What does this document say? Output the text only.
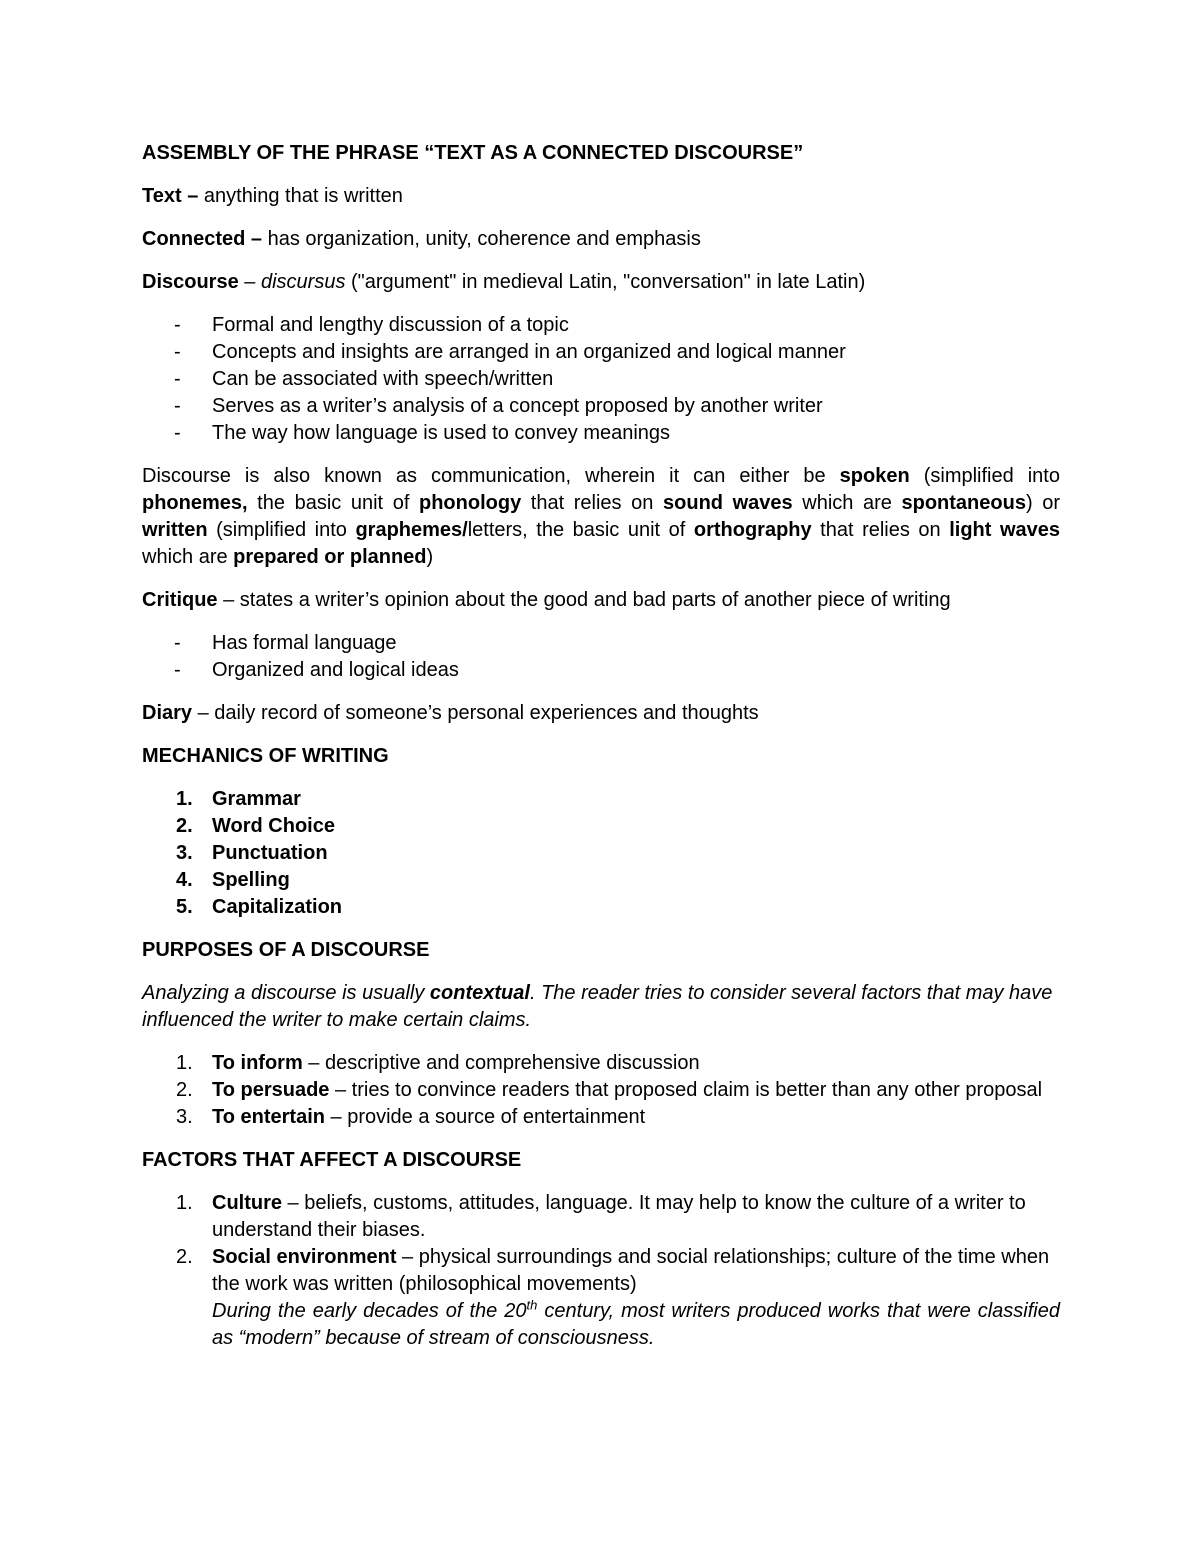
ASSEMBLY OF THE PHRASE “TEXT AS A CONNECTED DISCOURSE”
Text – anything that is written
Connected – has organization, unity, coherence and emphasis
Discourse – discursus ("argument" in medieval Latin, "conversation" in late Latin)
- Formal and lengthy discussion of a topic
- Concepts and insights are arranged in an organized and logical manner
- Can be associated with speech/written
- Serves as a writer’s analysis of a concept proposed by another writer
- The way how language is used to convey meanings
Discourse is also known as communication, wherein it can either be spoken (simplified into phonemes, the basic unit of phonology that relies on sound waves which are spontaneous) or written (simplified into graphemes/letters, the basic unit of orthography that relies on light waves which are prepared or planned)
Critique – states a writer’s opinion about the good and bad parts of another piece of writing
- Has formal language
- Organized and logical ideas
Diary – daily record of someone’s personal experiences and thoughts
MECHANICS OF WRITING
1. Grammar
2. Word Choice
3. Punctuation
4. Spelling
5. Capitalization
PURPOSES OF A DISCOURSE
Analyzing a discourse is usually contextual. The reader tries to consider several factors that may have influenced the writer to make certain claims.
1. To inform – descriptive and comprehensive discussion
2. To persuade – tries to convince readers that proposed claim is better than any other proposal
3. To entertain – provide a source of entertainment
FACTORS THAT AFFECT A DISCOURSE
1. Culture – beliefs, customs, attitudes, language. It may help to know the culture of a writer to understand their biases.
2. Social environment – physical surroundings and social relationships; culture of the time when the work was written (philosophical movements)
During the early decades of the 20th century, most writers produced works that were classified as “modern” because of stream of consciousness.
